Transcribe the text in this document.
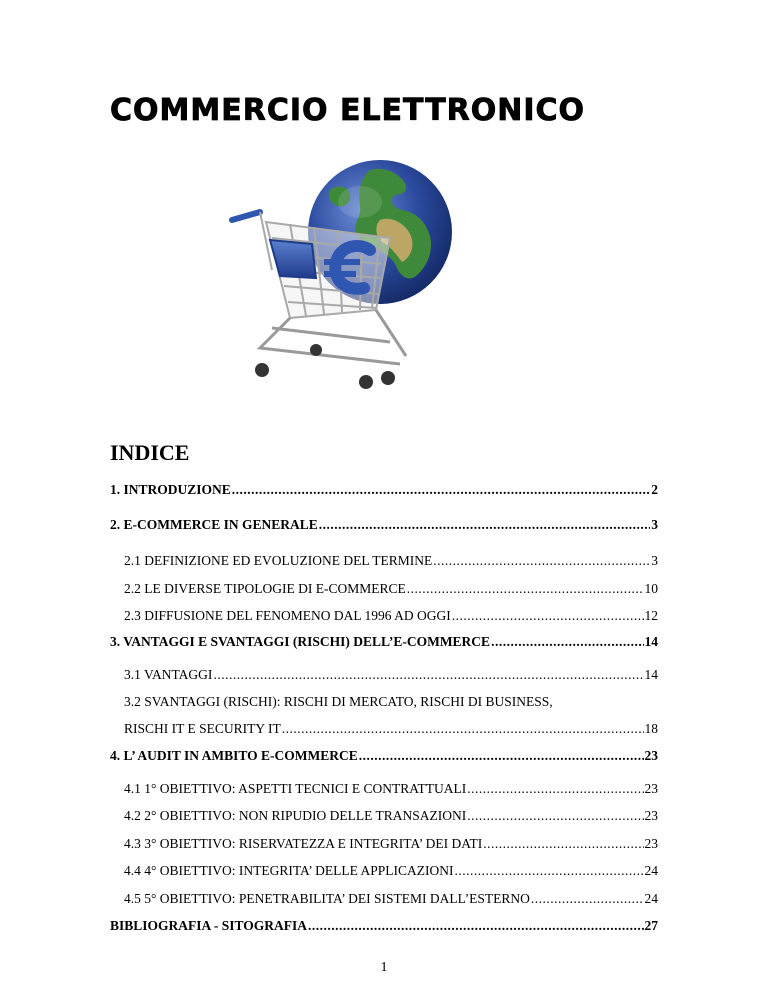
COMMERCIO ELETTRONICO
INDICE
1. INTRODUZIONE .....	2
2. E-COMMERCE IN GENERALE .....	3
2.1 DEFINIZIONE ED EVOLUZIONE DEL TERMINE .....	3
2.2 LE DIVERSE TIPOLOGIE DI E-COMMERCE .....	10
2.3 DIFFUSIONE DEL FENOMENO DAL 1996 AD OGGI .....	12
3. VANTAGGI E SVANTAGGI (RISCHI) DELL’E-COMMERCE .....	14
3.1 VANTAGGI .....	14
3.2 SVANTAGGI (RISCHI): RISCHI DI MERCATO, RISCHI DI BUSINESS,
RISCHI IT E SECURITY IT .....	18
4. L’ AUDIT IN AMBITO E-COMMERCE .....	23
4.1 1° OBIETTIVO: ASPETTI TECNICI E CONTRATTUALI .....	23
4.2 2° OBIETTIVO: NON RIPUDIO DELLE TRANSAZIONI .....	23
4.3 3° OBIETTIVO: RISERVATEZZA E INTEGRITA’ DEI DATI .....	23
4.4 4° OBIETTIVO: INTEGRITA’ DELLE APPLICAZIONI .....	24
4.5 5° OBIETTIVO: PENETRABILITA’ DEI SISTEMI DALL’ESTERNO .....	24
BIBLIOGRAFIA - SITOGRAFIA .....	27
1
